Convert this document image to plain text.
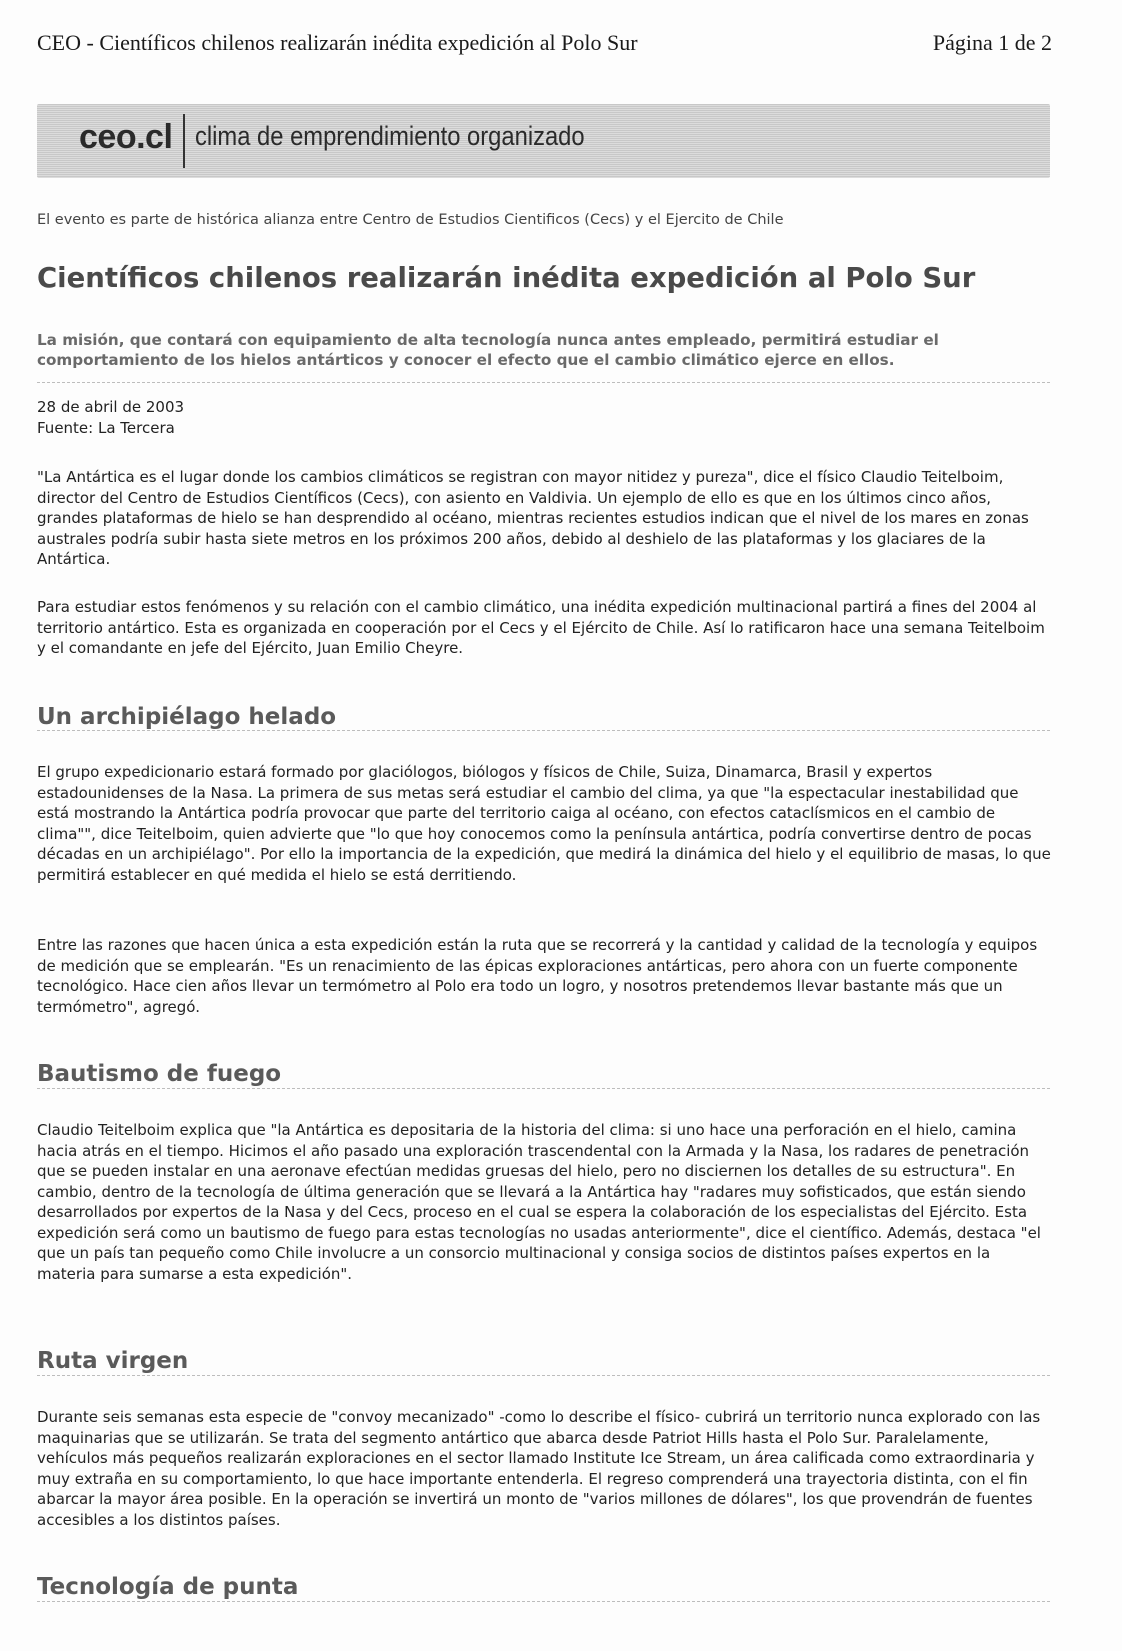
CEO - Científicos chilenos realizarán inédita expedición al Polo Sur	Página 1 de 2
ceo.cl clima de emprendimiento organizado
El evento es parte de histórica alianza entre Centro de Estudios Cientificos (Cecs) y el Ejercito de Chile
Científicos chilenos realizarán inédita expedición al Polo Sur

La misión, que contará con equipamiento de alta tecnología nunca antes empleado, permitirá estudiar el comportamiento de los hielos antárticos y conocer el efecto que el cambio climático ejerce en ellos.

28 de abril de 2003
Fuente: La Tercera

"La Antártica es el lugar donde los cambios climáticos se registran con mayor nitidez y pureza", dice el físico Claudio Teitelboim, director del Centro de Estudios Científicos (Cecs), con asiento en Valdivia. Un ejemplo de ello es que en los últimos cinco años, grandes plataformas de hielo se han desprendido al océano, mientras recientes estudios indican que el nivel de los mares en zonas australes podría subir hasta siete metros en los próximos 200 años, debido al deshielo de las plataformas y los glaciares de la Antártica.

Para estudiar estos fenómenos y su relación con el cambio climático, una inédita expedición multinacional partirá a fines del 2004 al territorio antártico. Esta es organizada en cooperación por el Cecs y el Ejército de Chile. Así lo ratificaron hace una semana Teitelboim y el comandante en jefe del Ejército, Juan Emilio Cheyre.

Un archipiélago helado

El grupo expedicionario estará formado por glaciólogos, biólogos y físicos de Chile, Suiza, Dinamarca, Brasil y expertos estadounidenses de la Nasa. La primera de sus metas será estudiar el cambio del clima, ya que "la espectacular inestabilidad que está mostrando la Antártica podría provocar que parte del territorio caiga al océano, con efectos cataclísmicos en el cambio de clima"", dice Teitelboim, quien advierte que "lo que hoy conocemos como la península antártica, podría convertirse dentro de pocas décadas en un archipiélago". Por ello la importancia de la expedición, que medirá la dinámica del hielo y el equilibrio de masas, lo que permitirá establecer en qué medida el hielo se está derritiendo.

Entre las razones que hacen única a esta expedición están la ruta que se recorrerá y la cantidad y calidad de la tecnología y equipos de medición que se emplearán. "Es un renacimiento de las épicas exploraciones antárticas, pero ahora con un fuerte componente tecnológico. Hace cien años llevar un termómetro al Polo era todo un logro, y nosotros pretendemos llevar bastante más que un termómetro", agregó.

Bautismo de fuego

Claudio Teitelboim explica que "la Antártica es depositaria de la historia del clima: si uno hace una perforación en el hielo, camina hacia atrás en el tiempo. Hicimos el año pasado una exploración trascendental con la Armada y la Nasa, los radares de penetración que se pueden instalar en una aeronave efectúan medidas gruesas del hielo, pero no disciernen los detalles de su estructura". En cambio, dentro de la tecnología de última generación que se llevará a la Antártica hay "radares muy sofisticados, que están siendo desarrollados por expertos de la Nasa y del Cecs, proceso en el cual se espera la colaboración de los especialistas del Ejército. Esta expedición será como un bautismo de fuego para estas tecnologías no usadas anteriormente", dice el científico. Además, destaca "el que un país tan pequeño como Chile involucre a un consorcio multinacional y consiga socios de distintos países expertos en la materia para sumarse a esta expedición".

Ruta virgen

Durante seis semanas esta especie de "convoy mecanizado" -como lo describe el físico- cubrirá un territorio nunca explorado con las maquinarias que se utilizarán. Se trata del segmento antártico que abarca desde Patriot Hills hasta el Polo Sur. Paralelamente, vehículos más pequeños realizarán exploraciones en el sector llamado Institute Ice Stream, un área calificada como extraordinaria y muy extraña en su comportamiento, lo que hace importante entenderla. El regreso comprenderá una trayectoria distinta, con el fin abarcar la mayor área posible. En la operación se invertirá un monto de "varios millones de dólares", los que provendrán de fuentes accesibles a los distintos países.

Tecnología de punta
